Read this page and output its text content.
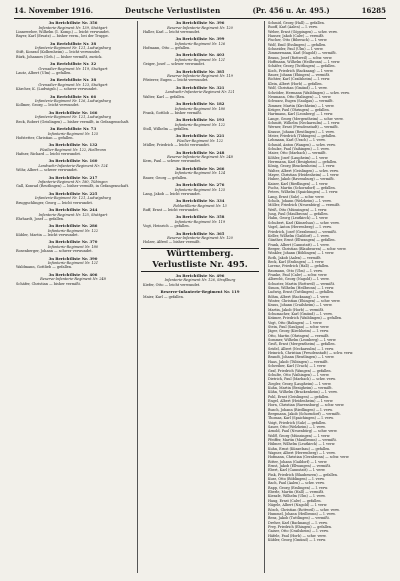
14. November 1916.	Deutsche Verlustlisten	(Pr. 456 u. Ar. 495.)	16285
3n Berichtliste Nr. 356
Infanterie-Regiment Nr. 139, Stuttgart
Linneweber, Wilhelm (1. Komp.) — leicht verwundet.
Bayer, Karl (Ersatz) — bisher verm., bei der Truppe.
3n Berichtliste Nr. 38
Infanterie-Regiment Nr. 121, Ludwigsburg
Stift, Konrad (Kolbenheim) — leicht verwundet.
Bürk, Johannes (Geh.) — bisher vermißt, zurück.
3n Berichtliste Nr. 32
Grenadier-Regiment Nr. 119, Stuttgart
Lautz, Albert (Ulm) — gefallen.
3n Berichtliste Nr. 38
Grenadier-Regiment Nr. 123, Stuttgart
Kärcher, K. (Ludwigsb.) — schwer verwundet.
3n Berichtliste Nr. 66
Infanterie-Regiment Nr. 126, Ludwigsburg
Kollmer, Georg — leicht verwundet.
3n Berichtliste Nr. 166
Infanterie-Regiment Nr. 121, Ludwigsburg
Beck, Robert (Geislingen) — bisher vermißt, in Gefangenschaft.
3n Berichtliste Nr. 73
Infanterie-Regiment Nr. 125
Hofstetter, Christian — gefallen.
3n Berichtliste Nr. 132
Füsilier-Regiment Nr. 122, Heilbronn
Hafner, Richard — leicht verwundet.
3n Berichtliste Nr. 160
Landwehr-Infanterie-Regiment Nr. 124
Wöhr, Albert — schwer verwundet.
3n Berichtliste Nr. 217
Infanterie-Regiment Nr. 180, Tübingen
Gall, Konrad (Reutlingen) — bisher vermißt, in Gefangenschaft.
3n Berichtliste Nr. 225
Infanterie-Regiment Nr. 121, Ludwigsburg
Bruggschlinger, Georg — leicht verwundet.
3n Berichtliste Nr. 244
Infanterie-Regiment Nr. 125, Stuttgart
Ehrhardt, Josef — gefallen.
3n Berichtliste Nr. 286
Infanterie-Regiment Nr. 122
Kübler, Martin — leicht verwundet.
3n Berichtliste Nr. 370
Infanterie-Regiment Nr. 180
Rosenberger, Johann — schwer verwundet.
3n Berichtliste Nr. 390
Infanterie-Regiment Nr. 121
Waldmann, Gottlieb — gefallen.
3n Berichtliste Nr. 406
Reserve-Infanterie-Regiment Nr. 248
Schäfer, Christian — bisher vermißt.
3n Berichtliste Nr. 396
Reserve-Infanterie-Regiment Nr. 120
Haller, Karl — leicht verwundet.
3n Berichtliste Nr. 399
Infanterie-Regiment Nr. 126
Hofmann, Otto — gefallen.
3n Berichtliste Nr. 403
Infanterie-Regiment Nr. 121
Geiger, Josef — schwer verwundet.
3n Berichtliste Nr. 385
Reserve-Infanterie-Regiment Nr. 119
Pfisterer, Eugen — leicht verwundet.
3n Berichtliste Nr. 321
Landwehr-Infanterie-Regiment Nr. 121
Walter, Karl — gefallen.
3n Berichtliste Nr. 182
Infanterie-Regiment Nr. 180
Frank, Gottlob — bisher vermißt.
3n Berichtliste Nr. 193
Infanterie-Regiment Nr. 122
Stoll, Wilhelm — gefallen.
3n Berichtliste Nr. 221
Füsilier-Regiment Nr. 122
Müller, Friedrich — leicht verwundet.
3n Berichtliste Nr. 248
Reserve-Infanterie-Regiment Nr. 248
Kern, Paul — schwer verwundet.
3n Berichtliste Nr. 266
Infanterie-Regiment Nr. 124
Bauer, Georg — gefallen.
3n Berichtliste Nr. 276
Infanterie-Regiment Nr. 125
Lang, Jakob — leicht verwundet.
3n Berichtliste Nr. 334
Feldartillerie-Regiment Nr. 13
Ruff, Ernst — leicht verwundet.
3n Berichtliste Nr. 358
Infanterie-Regiment Nr. 119
Vogt, Heinrich — gefallen.
3n Berichtliste Nr. 365
Reserve-Infanterie-Regiment Nr. 120
Holzer, Alfred — bisher vermißt.
Württemberg. Verlustliste Nr. 495.
3n Berichtliste Nr. 496
Infanterie-Regiment Nr. 126, Straßburg
Kiefer, Otto — leicht verwundet.
Reserve-Infanterie-Regiment Nr. 119
Maier, Karl — gefallen.
Schmid, Georg (Hall) — gefallen.
Ruoff, Karl (Aalen) — l. verw.
Weber, Ernst (Göppingen) — schw. verw.
Hauser, Jakob (Calw) — vermißt.
Fischer, Otto (Biberach) — l. verw.
Wolf, Emil (Esslingen) — gefallen.
Schneider, Paul (Ulm) — l. verw.
Zimmermann, Karl (Nagold) — vermißt.
Braun, Josef (Rottweil) — schw. verw.
Hoffmann, Wilhelm (Heilbronn) — l. verw.
Schäfer, Georg (Tuttlingen) — gefallen.
Koch, Friedrich (Backnang) — l. verw.
Bauer, Johann (Ehingen) — vermißt.
Richter, Karl (Crailsheim) — l. verw.
Klein, Albert (Horb) — gefallen.
Wolf, Christian (Gmünd) — l. verw.
Schröder, Hermann (Waiblingen) — schw. verw.
Neumann, Otto (Balingen) — l. verw.
Schwarz, Eugen (Saulgau) — vermißt.
Zimmer, Martin (Kirchheim) — l. verw.
Krüger, Paul (Öhringen) — gefallen.
Hartmann, Karl (Leonberg) — l. verw.
Lange, Georg (Mergentheim) — schw. verw.
Schmitt, Wilhelm (Neckarsulm) — l. verw.
Werner, Ernst (Freudenstadt) — vermißt.
Krause, Johann (Reutlingen) — l. verw.
Meier, Friedrich (Tübingen) — gefallen.
Lehmann, Karl (Urach) — l. verw.
Schmid, Anton (Wangen) — schw. verw.
Schulze, Paul (Vaihingen) — l. verw.
Maier, Otto (Marbach) — vermißt.
Köhler, Josef (Laupheim) — l. verw.
Herrmann, Karl (Besigheim) — gefallen.
König, Georg (Brackenheim) — l. verw.
Walter, Albert (Geislingen) — schw. verw.
Mayer, Christian (Heidenheim) — l. verw.
Huber, Jakob (Ravensburg) — vermißt.
Kaiser, Karl (Riedlingen) — l. verw.
Fuchs, Martin (Schorndorf) — gefallen.
Peters, Wilhelm (Spaichingen) — l. verw.
Lang, Ernst (Sulz) — schw. verw.
Scholz, Johann (Welzheim) — l. verw.
Möller, Friedrich (Neuenbürg) — vermißt.
Weiß, Otto (Münsingen) — l. verw.
Jung, Paul (Maulbronn) — gefallen.
Hahn, Georg (Leutkirch) — l. verw.
Schubert, Karl (Künzelsau) — schw. verw.
Vogel, Anton (Herrenberg) — l. verw.
Friedrich, Josef (Gerabronn) — vermißt.
Keller, Wilhelm (Gaildorf) — l. verw.
Günther, Ernst (Ellwangen) — gefallen.
Frank, Albert (Cannstatt) — l. verw.
Berger, Christian (Blaubeuren) — schw. verw.
Winkler, Johann (Böblingen) — l. verw.
Roth, Jakob (Aalen) — vermißt.
Beck, Karl (Esslingen) — l. verw.
Lorenz, Friedrich (Hall) — gefallen.
Baumann, Otto (Ulm) — l. verw.
Franke, Paul (Calw) — schw. verw.
Albrecht, Georg (Nagold) — l. verw.
Schuster, Martin (Rottweil) — vermißt.
Simon, Wilhelm (Heilbronn) — l. verw.
Ludwig, Ernst (Tuttlingen) — gefallen.
Böhm, Albert (Backnang) — l. verw.
Winter, Christian (Ehingen) — schw. verw.
Kraus, Johann (Crailsheim) — l. verw.
Martin, Jakob (Horb) — vermißt.
Schumacher, Karl (Gmünd) — l. verw.
Krämer, Friedrich (Waiblingen) — gefallen.
Vogt, Otto (Balingen) — l. verw.
Stein, Paul (Saulgau) — schw. verw.
Jäger, Georg (Kirchheim) — l. verw.
Otto, Martin (Öhringen) — vermißt.
Sommer, Wilhelm (Leonberg) — l. verw.
Groß, Ernst (Mergentheim) — gefallen.
Seidel, Albert (Neckarsulm) — l. verw.
Heinrich, Christian (Freudenstadt) — schw. verw.
Brandt, Johann (Reutlingen) — l. verw.
Haas, Jakob (Tübingen) — vermißt.
Schreiber, Karl (Urach) — l. verw.
Graf, Friedrich (Wangen) — gefallen.
Schulte, Otto (Vaihingen) — l. verw.
Dietrich, Paul (Marbach) — schw. verw.
Ziegler, Georg (Laupheim) — l. verw.
Kuhn, Martin (Besigheim) — vermißt.
Kühn, Wilhelm (Brackenheim) — l. verw.
Pohl, Ernst (Geislingen) — gefallen.
Engel, Albert (Heidenheim) — l. verw.
Horn, Christian (Ravensburg) — schw. verw.
Busch, Johann (Riedlingen) — l. verw.
Bergmann, Jakob (Schorndorf) — vermißt.
Thomas, Karl (Spaichingen) — l. verw.
Voigt, Friedrich (Sulz) — gefallen.
Sauer, Otto (Welzheim) — l. verw.
Arnold, Paul (Neuenbürg) — schw. verw.
Wolff, Georg (Münsingen) — l. verw.
Pfeiffer, Martin (Maulbronn) — vermißt.
Hübner, Wilhelm (Leutkirch) — l. verw.
Kuhn, Ernst (Künzelsau) — gefallen.
Wagner, Albert (Herrenberg) — l. verw.
Hofmann, Christian (Gerabronn) — schw. verw.
Ritter, Johann (Gaildorf) — l. verw.
Ernst, Jakob (Ellwangen) — vermißt.
Ebert, Karl (Cannstatt) — l. verw.
Fink, Friedrich (Blaubeuren) — gefallen.
Kurz, Otto (Böblingen) — l. verw.
Bach, Paul (Aalen) — schw. verw.
Rapp, Georg (Esslingen) — l. verw.
Eberle, Martin (Hall) — vermißt.
Kienzle, Wilhelm (Ulm) — l. verw.
Haug, Ernst (Calw) — gefallen.
Nägele, Albert (Nagold) — l. verw.
Rösch, Christian (Rottweil) — schw. verw.
Hummel, Johann (Heilbronn) — l. verw.
Benz, Jakob (Tuttlingen) — vermißt.
Dreher, Karl (Backnang) — l. verw.
Frey, Friedrich (Ehingen) — gefallen.
Gaiser, Otto (Crailsheim) — l. verw.
Häfele, Paul (Horb) — schw. verw.
Kübler, Georg (Gmünd) — l. verw.
